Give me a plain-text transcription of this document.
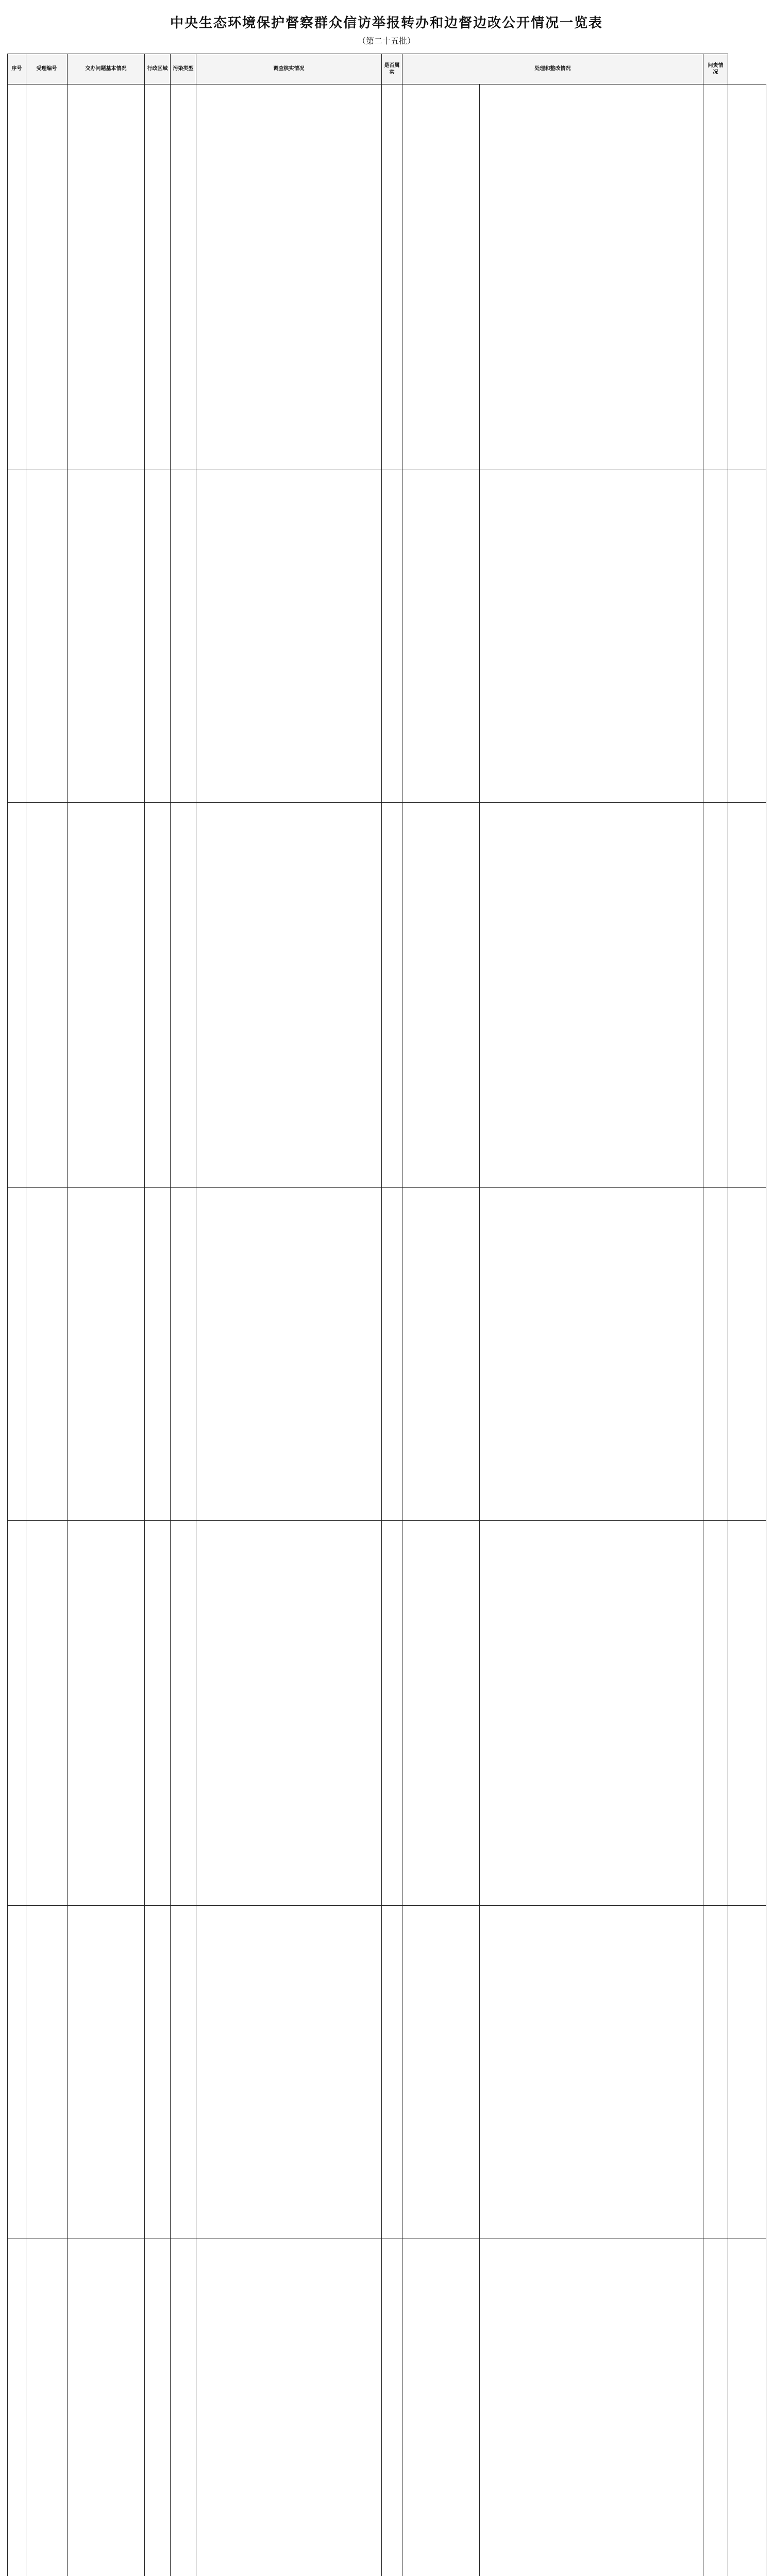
中央生态环境保护督察群众信访举报转办和边督边改公开情况一览表
（第二十五批）
序号	受理编号	交办问题基本情况	行政区域	污染类型	调查核实情况	是否属实	处理和整改情况		问责情况
